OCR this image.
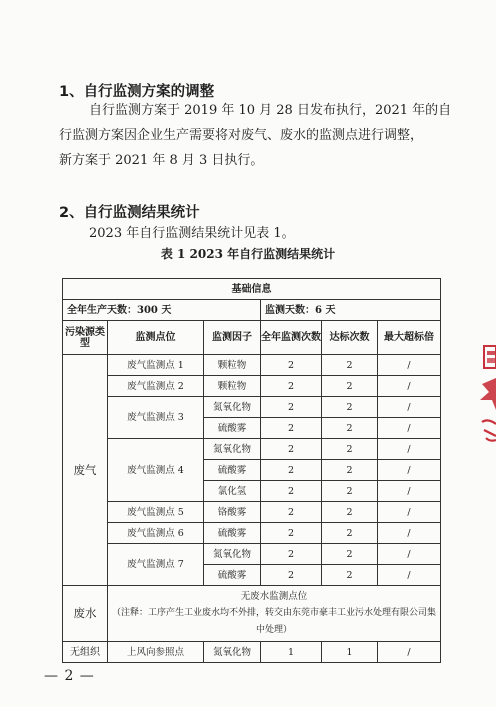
1、自行监测方案的调整
自行监测方案于 2019 年 10 月 28 日发布执行，2021 年的自
行监测方案因企业生产需要将对废气、废水的监测点进行调整，
新方案于 2021 年 8 月 3 日执行。
2、自行监测结果统计
2023 年自行监测结果统计见表 1。
表 1 2023 年自行监测结果统计
基础信息					
全年生产天数：300 天			监测天数：6 天		
污染源类型	监测点位	监测因子	全年监测次数	达标次数	最大超标倍
废气	废气监测点 1	颗粒物	2	2	/
	废气监测点 2	颗粒物	2	2	/
	废气监测点 3	氮氧化物	2	2	/
		硫酸雾	2	2	/
	废气监测点 4	氮氧化物	2	2	/
		硫酸雾	2	2	/
		氯化氢	2	2	/
	废气监测点 5	铬酸雾	2	2	/
	废气监测点 6	硫酸雾	2	2	/
	废气监测点 7	氮氧化物	2	2	/
		硫酸雾	2	2	/
废水	无废水监测点位
（注释：工序产生工业废水均不外排，转交由东莞市豪丰工业污水处理有限公司集中处理）				

无组织	上风向参照点	氮氧化物	1	1	/
— 2 —
